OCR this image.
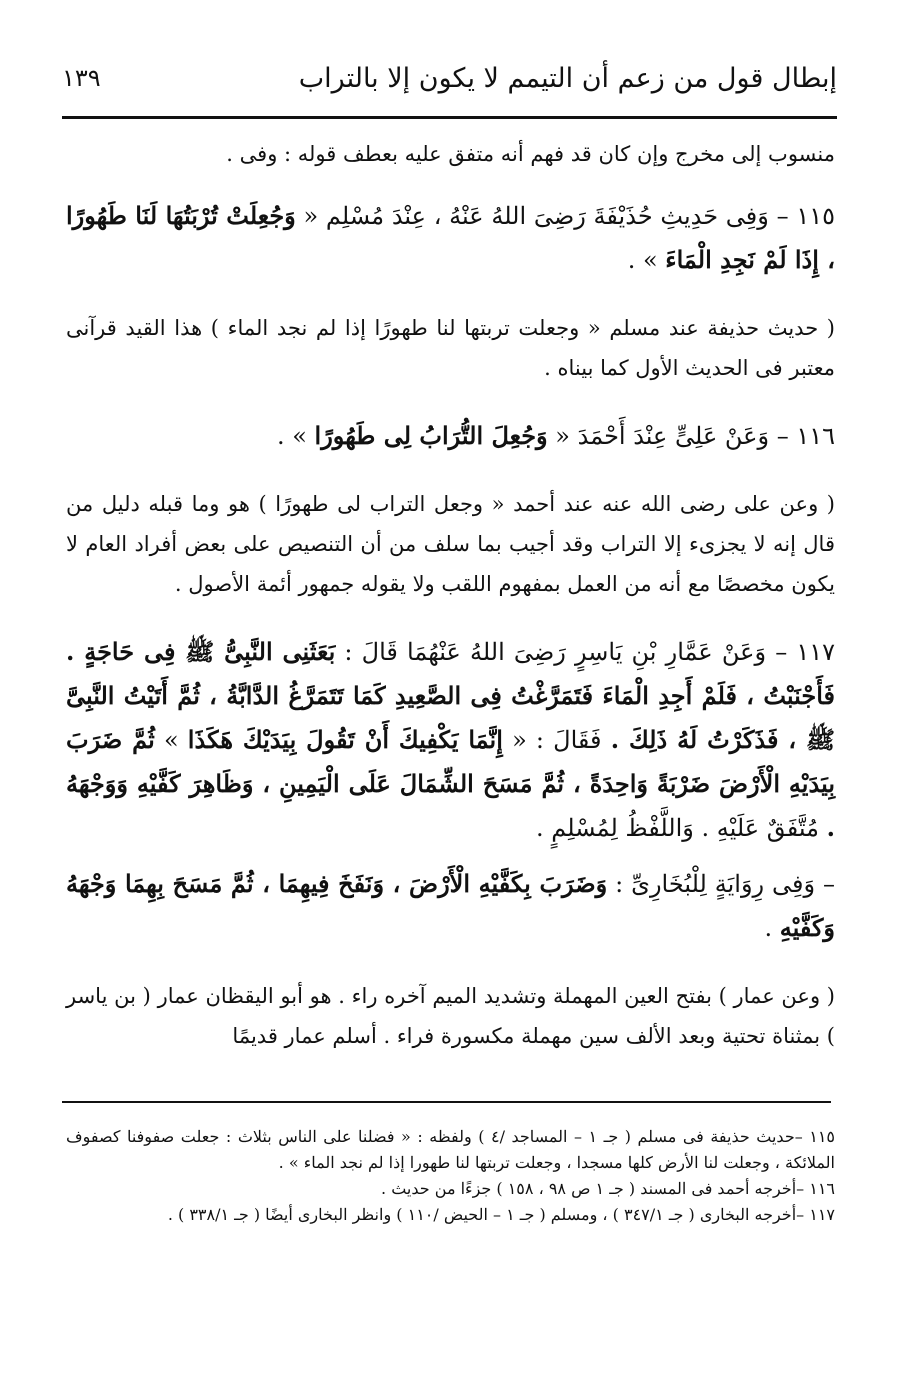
إبطال قول من زعم أن التيمم لا يكون إلا بالتراب
١٣٩

منسوب إلى مخرج وإن كان قد فهم أنه متفق عليه بعطف قوله : وفى .

١١٥ – وَفِى حَدِيثِ حُذَيْفَةَ رَضِىَ اللهُ عَنْهُ ، عِنْدَ مُسْلِم « وَجُعِلَتْ تُرْبَتُهَا لَنَا طَهُورًا ، إِذَا لَمْ نَجِدِ الْمَاءَ » .

( حديث حذيفة عند مسلم « وجعلت تربتها لنا طهورًا إذا لم نجد الماء ) هذا القيد قرآنى معتبر فى الحديث الأول كما بيناه .

١١٦ – وَعَنْ عَلِىٍّ عِنْدَ أَحْمَدَ « وَجُعِلَ التُّرَابُ لِى طَهُورًا » .

( وعن على رضى الله عنه عند أحمد « وجعل التراب لى طهورًا ) هو وما قبله دليل من قال إنه لا يجزىء إلا التراب وقد أجيب بما سلف من أن التنصيص على بعض أفراد العام لا يكون مخصصًا مع أنه من العمل بمفهوم اللقب ولا يقوله جمهور أئمة الأصول .

١١٧ – وَعَنْ عَمَّارِ بْنِ يَاسِرٍ رَضِىَ اللهُ عَنْهُمَا قَالَ : بَعَثَنِى النَّبِىُّ ﷺ فِى حَاجَةٍ . فَأَجْنَبْتُ ، فَلَمْ أَجِدِ الْمَاءَ فَتَمَرَّغْتُ فِى الصَّعِيدِ كَمَا تَتَمَرَّغُ الدَّابَّةُ ، ثُمَّ أَتَيْتُ النَّبِىَّ ﷺ ، فَذَكَرْتُ لَهُ ذَلِكَ . فَقَالَ : « إِنَّمَا يَكْفِيكَ أَنْ تَقُولَ بِيَدَيْكَ هَكَذَا » ثُمَّ ضَرَبَ بِيَدَيْهِ الْأَرْضَ ضَرْبَةً وَاحِدَةً ، ثُمَّ مَسَحَ الشِّمَالَ عَلَى الْيَمِينِ ، وَظَاهِرَ كَفَّيْهِ وَوَجْهَهُ . مُتَّفَقٌ عَلَيْهِ . وَاللَّفْظُ لِمُسْلِمٍ .

– وَفِى رِوَايَةٍ لِلْبُخَارِىِّ : وَضَرَبَ بِكَفَّيْهِ الْأَرْضَ ، وَنَفَخَ فِيهِمَا ، ثُمَّ مَسَحَ بِهِمَا وَجْهَهُ وَكَفَّيْهِ .

( وعن عمار ) بفتح العين المهملة وتشديد الميم آخره راء . هو أبو اليقظان عمار ( بن ياسر ) بمثناة تحتية وبعد الألف سين مهملة مكسورة فراء . أسلم عمار قديمًا

١١٥ –حديث حذيفة فى مسلم ( جـ ١ – المساجد /٤ ) ولفظه : « فضلنا على الناس بثلاث : جعلت صفوفنا كصفوف الملائكة ، وجعلت لنا الأرض كلها مسجدا ، وجعلت تربتها لنا طهورا إذا لم نجد الماء » .

١١٦ –أخرجه أحمد فى المسند ( جـ ١ ص ٩٨ ، ١٥٨ ) جزءًا من حديث .

١١٧ –أخرجه البخارى ( جـ ٣٤٧/١ ) ، ومسلم ( جـ ١ – الحيض /١١٠ ) وانظر البخارى أيضًا ( جـ ٣٣٨/١ ) .
